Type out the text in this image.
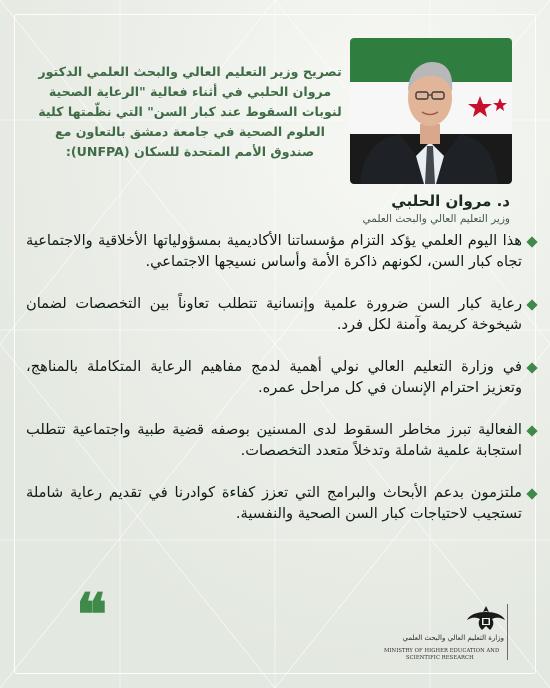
تصريح وزير التعليم العالي والبحث العلمي الدكتور
مروان الحلبي في أثناء فعالية "الرعاية الصحية
لنوبات السقوط عند كبار السن" التي نظّمتها كلية
العلوم الصحية في جامعة دمشق بالتعاون مع
صندوق الأمم المتحدة للسكان (UNFPA):
د. مروان الحلبي
وزير التعليم العالي والبحث العلمي
هذا اليوم العلمي يؤكد التزام مؤسساتنا الأكاديمية بمسؤولياتها الأخلاقية والاجتماعية تجاه كبار السن، لكونهم ذاكرة الأمة وأساس نسيجها الاجتماعي.
رعاية كبار السن ضرورة علمية وإنسانية تتطلب تعاوناً بين التخصصات لضمان شيخوخة كريمة وآمنة لكل فرد.
في وزارة التعليم العالي نولي أهمية لدمج مفاهيم الرعاية المتكاملة بالمناهج، وتعزيز احترام الإنسان في كل مراحل عمره.
الفعالية تبرز مخاطر السقوط لدى المسنين بوصفه قضية طبية واجتماعية تتطلب استجابة علمية شاملة وتدخلاً متعدد التخصصات.
ملتزمون بدعم الأبحاث والبرامج التي تعزز كفاءة كوادرنا في تقديم رعاية شاملة تستجيب لاحتياجات كبار السن الصحية والنفسية.
❝	وزارة التعليم العالي والبحث العلمي
MINISTRY OF HIGHER EDUCATION AND
SCIENTIFIC RESEARCH
